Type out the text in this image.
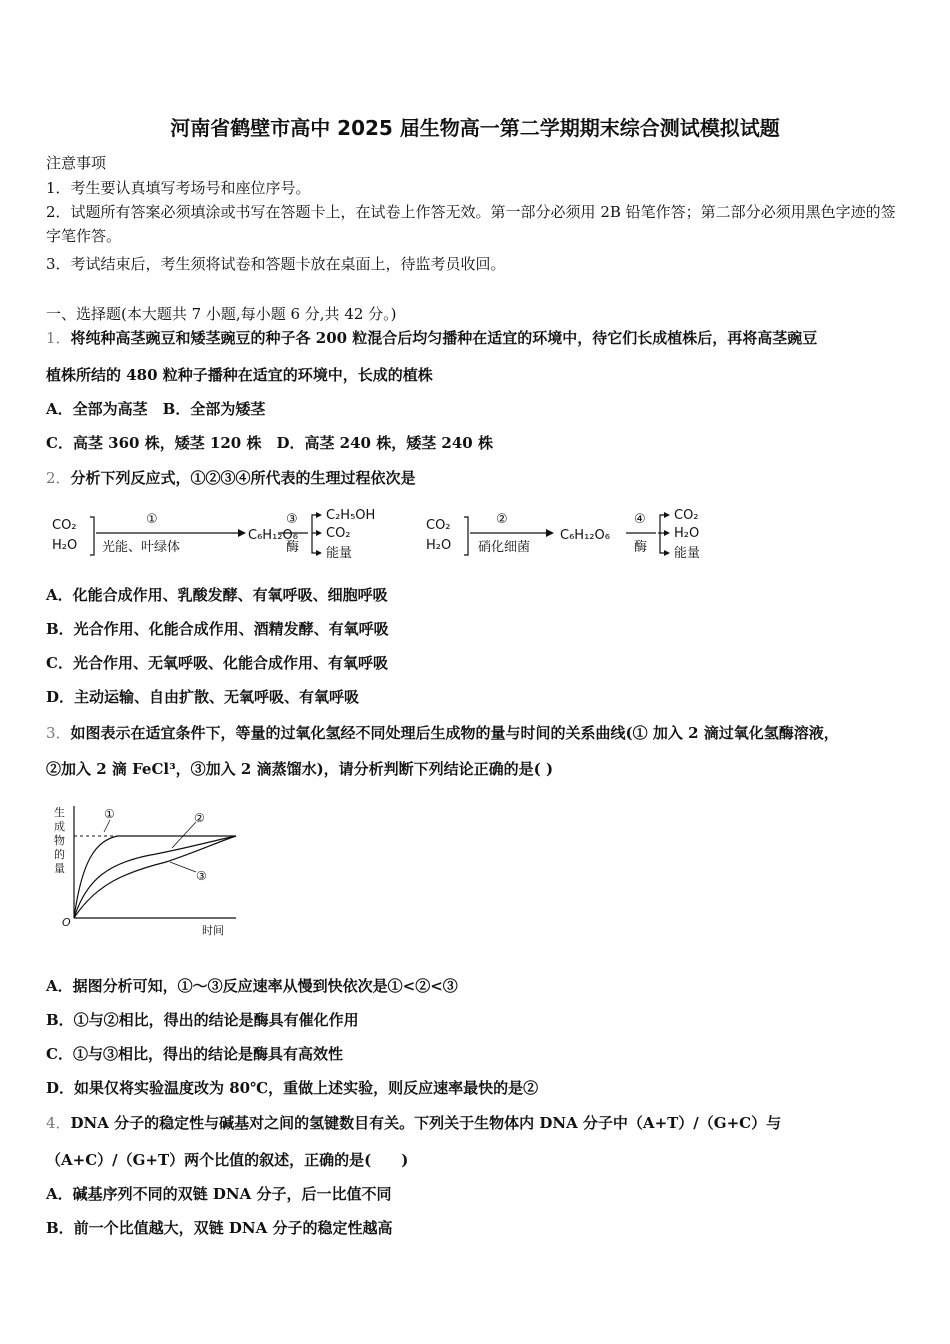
河南省鹤壁市高中 2025 届生物高一第二学期期末综合测试模拟试题
注意事项
1．考生要认真填写考场号和座位序号。
2．试题所有答案必须填涂或书写在答题卡上，在试卷上作答无效。第一部分必须用 2B 铅笔作答；第二部分必须用黑色字迹的签字笔作答。
3．考试结束后，考生须将试卷和答题卡放在桌面上，待监考员收回。
一、选择题(本大题共 7 小题,每小题 6 分,共 42 分。)
1．将纯种高茎豌豆和矮茎豌豆的种子各 200 粒混合后均匀播种在适宜的环境中，待它们长成植株后，再将高茎豌豆
植株所结的 480 粒种子播种在适宜的环境中，长成的植株
A．全部为高茎　B．全部为矮茎
C．高茎 360 株，矮茎 120 株　D．高茎 240 株，矮茎 240 株
2．分析下列反应式，①②③④所代表的生理过程依次是
CO₂
H₂O
①
光能、叶绿体
C₆H₁₂O₆
③
酶
C₂H₅OH
CO₂
能量
CO₂
H₂O
②
硝化细菌
C₆H₁₂O₆
④
酶
CO₂
H₂O
能量
A．化能合成作用、乳酸发酵、有氧呼吸、细胞呼吸
B．光合作用、化能合成作用、酒精发酵、有氧呼吸
C．光合作用、无氧呼吸、化能合成作用、有氧呼吸
D．主动运输、自由扩散、无氧呼吸、有氧呼吸
3．如图表示在适宜条件下，等量的过氧化氢经不同处理后生成物的量与时间的关系曲线(① 加入 2 滴过氧化氢酶溶液，
②加入 2 滴 FeCl³，③加入 2 滴蒸馏水)，请分析判断下列结论正确的是( )
生
成
物
的
量
O
时间
①	②
③
A．据图分析可知，①～③反应速率从慢到快依次是①<②<③
B．①与②相比，得出的结论是酶具有催化作用
C．①与③相比，得出的结论是酶具有高效性
D．如果仅将实验温度改为 80℃，重做上述实验，则反应速率最快的是②
4．DNA 分子的稳定性与碱基对之间的氢键数目有关。下列关于生物体内 DNA 分子中（A+T）/（G+C）与
（A+C）/（G+T）两个比值的叙述，正确的是(　　)
A．碱基序列不同的双链 DNA 分子，后一比值不同
B．前一个比值越大，双链 DNA 分子的稳定性越高
